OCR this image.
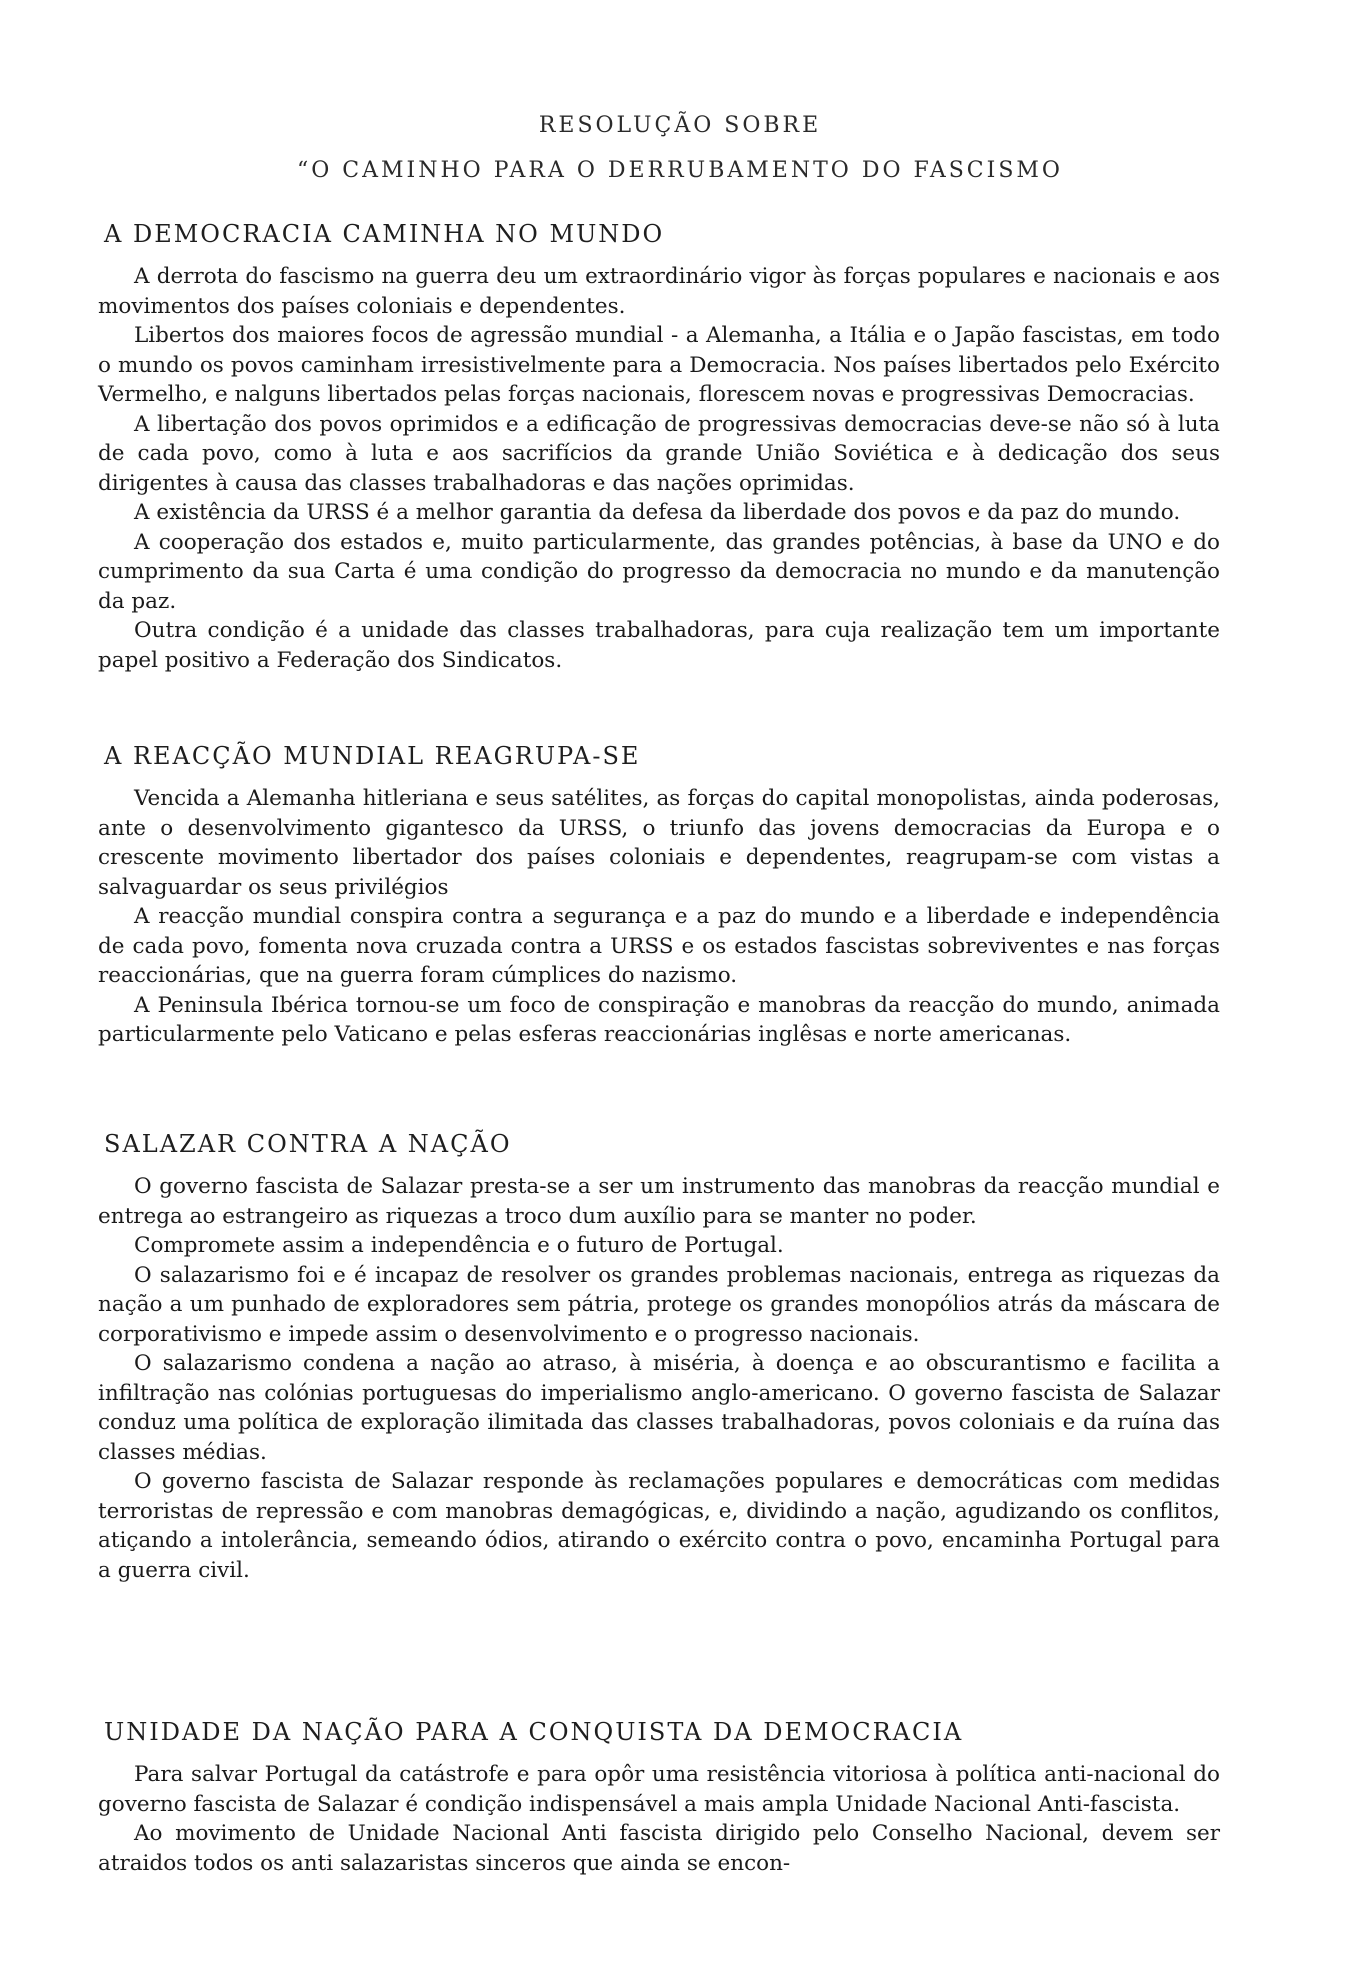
RESOLUÇÃO SOBRE
“O CAMINHO PARA O DERRUBAMENTO DO FASCISMO
A DEMOCRACIA CAMINHA NO MUNDO

A derrota do fascismo na guerra deu um extraordinário vigor às forças populares e nacionais e aos movimentos dos países coloniais e dependentes.

Libertos dos maiores focos de agressão mundial - a Alemanha, a Itália e o Japão fascistas, em todo o mundo os povos caminham irresistivelmente para a Democracia. Nos países libertados pelo Exército Vermelho, e nalguns libertados pelas forças nacionais, florescem novas e progressivas Democracias.

A libertação dos povos oprimidos e a edificação de progressivas democracias deve-se não só à luta de cada povo, como à luta e aos sacrifícios da grande União Soviética e à dedicação dos seus dirigentes à causa das classes trabalhadoras e das nações oprimidas.

A existência da URSS é a melhor garantia da defesa da liberdade dos povos e da paz do mundo.

A cooperação dos estados e, muito particularmente, das grandes potências, à base da UNO e do cumprimento da sua Carta é uma condição do progresso da democracia no mundo e da manutenção da paz.

Outra condição é a unidade das classes trabalhadoras, para cuja realização tem um importante papel positivo a Federação dos Sindicatos.

A REACÇÃO MUNDIAL REAGRUPA-SE

Vencida a Alemanha hitleriana e seus satélites, as forças do capital monopolistas, ainda poderosas, ante o desenvolvimento gigantesco da URSS, o triunfo das jovens democracias da Europa e o crescente movimento libertador dos países coloniais e dependentes, reagrupam-se com vistas a salvaguardar os seus privilégios

A reacção mundial conspira contra a segurança e a paz do mundo e a liberdade e independência de cada povo, fomenta nova cruzada contra a URSS e os estados fascistas sobreviventes e nas forças reaccionárias, que na guerra foram cúmplices do nazismo.

A Peninsula Ibérica tornou-se um foco de conspiração e manobras da reacção do mundo, animada particularmente pelo Vaticano e pelas esferas reaccionárias inglêsas e norte americanas.

SALAZAR CONTRA A NAÇÃO

O governo fascista de Salazar presta-se a ser um instrumento das manobras da reacção mundial e entrega ao estrangeiro as riquezas a troco dum auxílio para se manter no poder.

Compromete assim a independência e o futuro de Portugal.

O salazarismo foi e é incapaz de resolver os grandes problemas nacionais, entrega as riquezas da nação a um punhado de exploradores sem pátria, protege os grandes monopólios atrás da máscara de corporativismo e impede assim o desenvolvimento e o progresso nacionais.

O salazarismo condena a nação ao atraso, à miséria, à doença e ao obscurantismo e facilita a infiltração nas colónias portuguesas do imperialismo anglo-americano. O governo fascista de Salazar conduz uma política de exploração ilimitada das classes trabalhadoras, povos coloniais e da ruína das classes médias.

O governo fascista de Salazar responde às reclamações populares e democráticas com medidas terroristas de repressão e com manobras demagógicas, e, dividindo a nação, agudizando os conflitos, atiçando a intolerância, semeando ódios, atirando o exército contra o povo, encaminha Portugal para a guerra civil.

UNIDADE DA NAÇÃO PARA A CONQUISTA DA DEMOCRACIA

Para salvar Portugal da catástrofe e para opôr uma resistência vitoriosa à política anti-nacional do governo fascista de Salazar é condição indispensável a mais ampla Unidade Nacional Anti-fascista.

Ao movimento de Unidade Nacional Anti fascista dirigido pelo Conselho Nacional, devem ser atraidos todos os anti salazaristas sinceros que ainda se encon-
